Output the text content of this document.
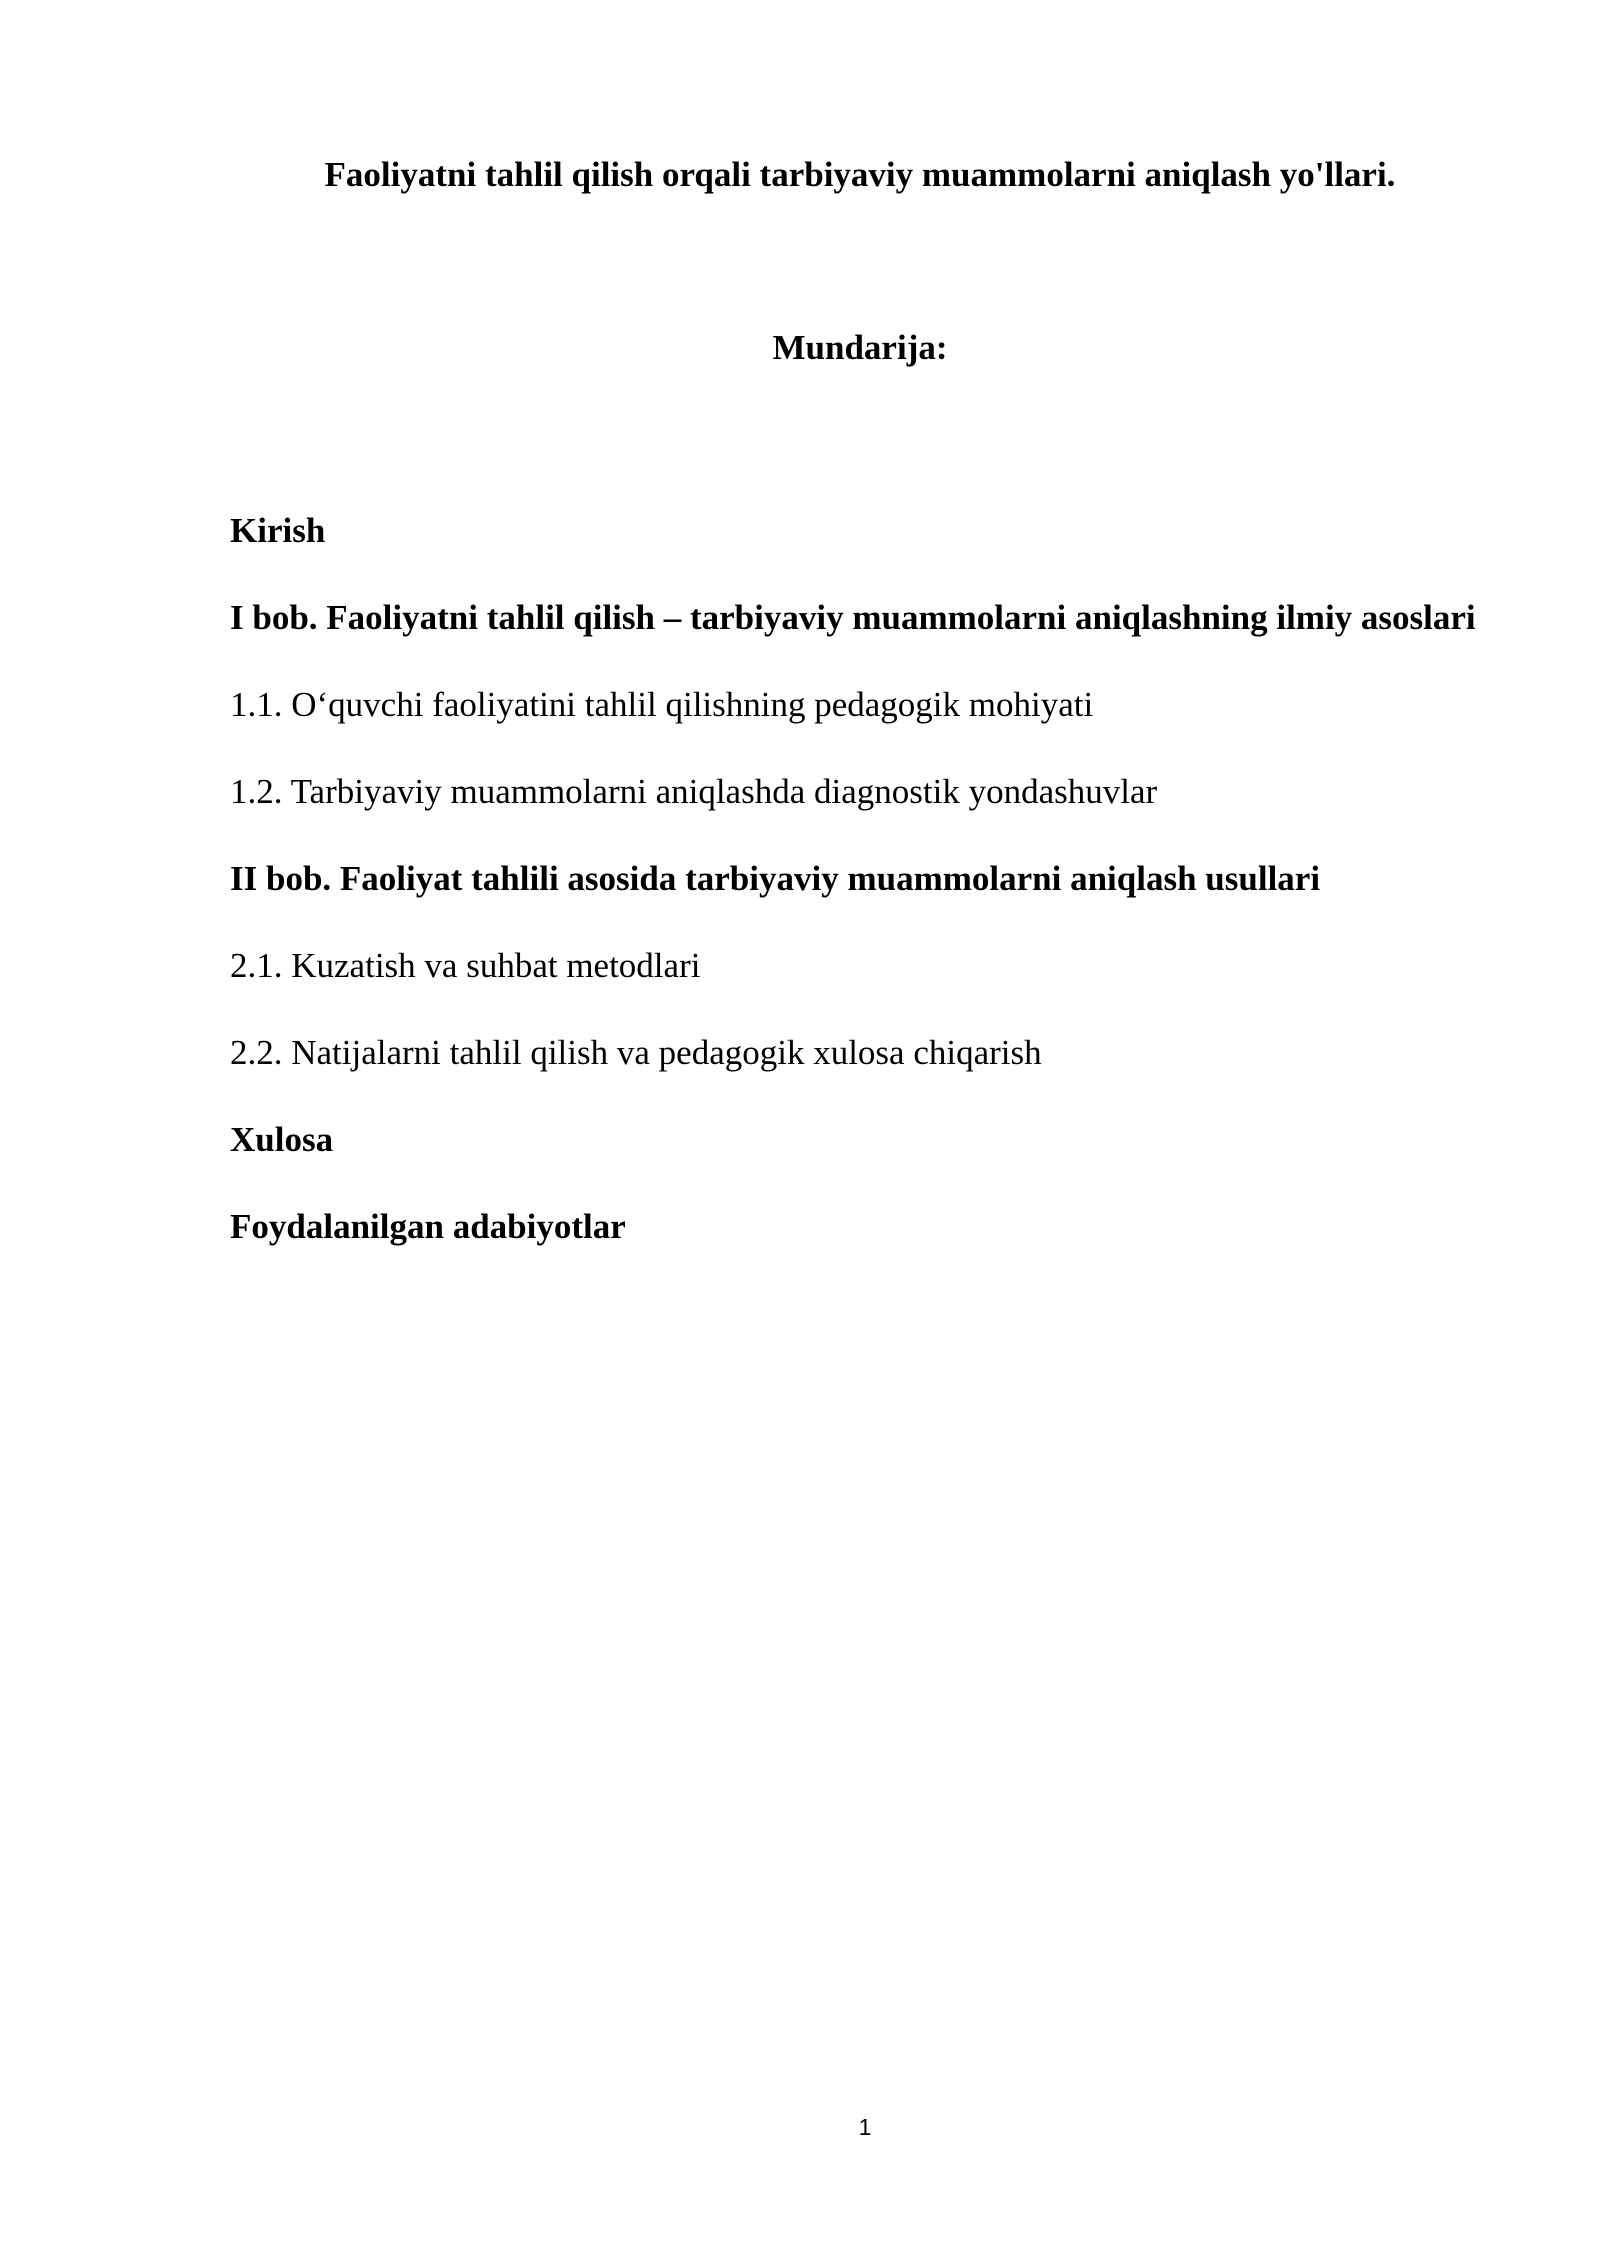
Faoliyatni tahlil qilish orqali tarbiyaviy muammolarni aniqlash yo'llari.
Mundarija:
Kirish
I bob. Faoliyatni tahlil qilish – tarbiyaviy muammolarni aniqlashning ilmiy asoslari
1.1. O‘quvchi faoliyatini tahlil qilishning pedagogik mohiyati
1.2. Tarbiyaviy muammolarni aniqlashda diagnostik yondashuvlar
II bob. Faoliyat tahlili asosida tarbiyaviy muammolarni aniqlash usullari
2.1. Kuzatish va suhbat metodlari
2.2. Natijalarni tahlil qilish va pedagogik xulosa chiqarish
Xulosa
Foydalanilgan adabiyotlar
1
